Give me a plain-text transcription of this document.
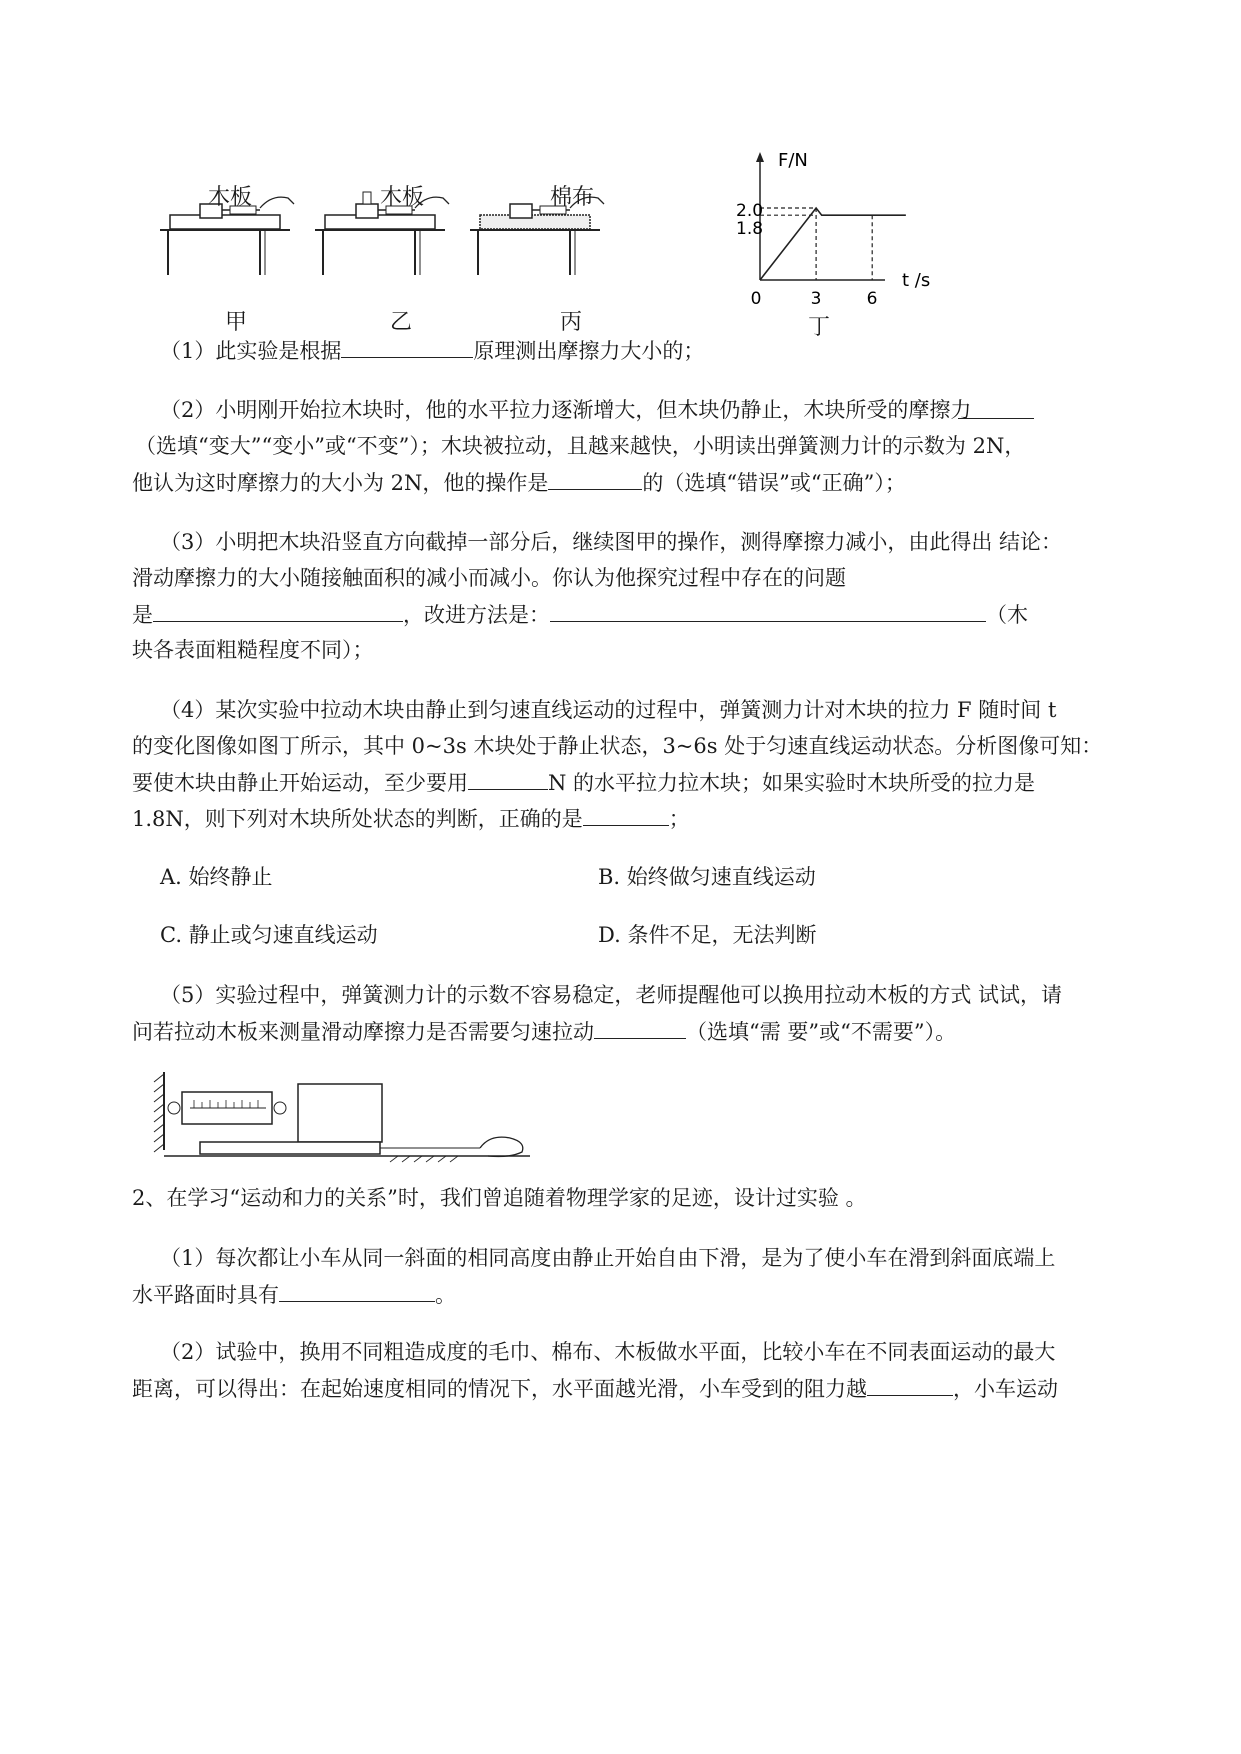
木板	木板	棉布
甲	乙	丙
F/N
t /s
0
2.0
1.8
3	6
丁
（1）此实验是根据	原理测出摩擦力大小的；
（2）小明刚开始拉木块时，他的水平拉力逐渐增大，但木块仍静止，木块所受的摩擦力
（选填“变大”“变小”或“不变”）；木块被拉动，且越来越快，小明读出弹簧测力计的示数为 2N，
他认为这时摩擦力的大小为 2N，他的操作是	的（选填“错误”或“正确”）；
（3）小明把木块沿竖直方向截掉一部分后，继续图甲的操作，测得摩擦力减小，由此得出 结论：
滑动摩擦力的大小随接触面积的减小而减小。你认为他探究过程中存在的问题
是	，改进方法是：	（木
块各表面粗糙程度不同）；
（4）某次实验中拉动木块由静止到匀速直线运动的过程中，弹簧测力计对木块的拉力 F 随时间 t
的变化图像如图丁所示，其中 0~3s 木块处于静止状态，3~6s 处于匀速直线运动状态。分析图像可知：
要使木块由静止开始运动，至少要用	N 的水平拉力拉木块；如果实验时木块所受的拉力是
1.8N，则下列对木块所处状态的判断，正确的是	；
A. 始终静止	B. 始终做匀速直线运动
C. 静止或匀速直线运动	D. 条件不足，无法判断
（5）实验过程中，弹簧测力计的示数不容易稳定，老师提醒他可以换用拉动木板的方式 试试，请
问若拉动木板来测量滑动摩擦力是否需要匀速拉动	（选填“需 要”或“不需要”）。
2、在学习“运动和力的关系”时，我们曾追随着物理学家的足迹，设计过实验 。
（1）每次都让小车从同一斜面的相同高度由静止开始自由下滑，是为了使小车在滑到斜面底端上
水平路面时具有	。
（2）试验中，换用不同粗造成度的毛巾、棉布、木板做水平面，比较小车在不同表面运动的最大
距离，可以得出：在起始速度相同的情况下，水平面越光滑，小车受到的阻力越	，小车运动
